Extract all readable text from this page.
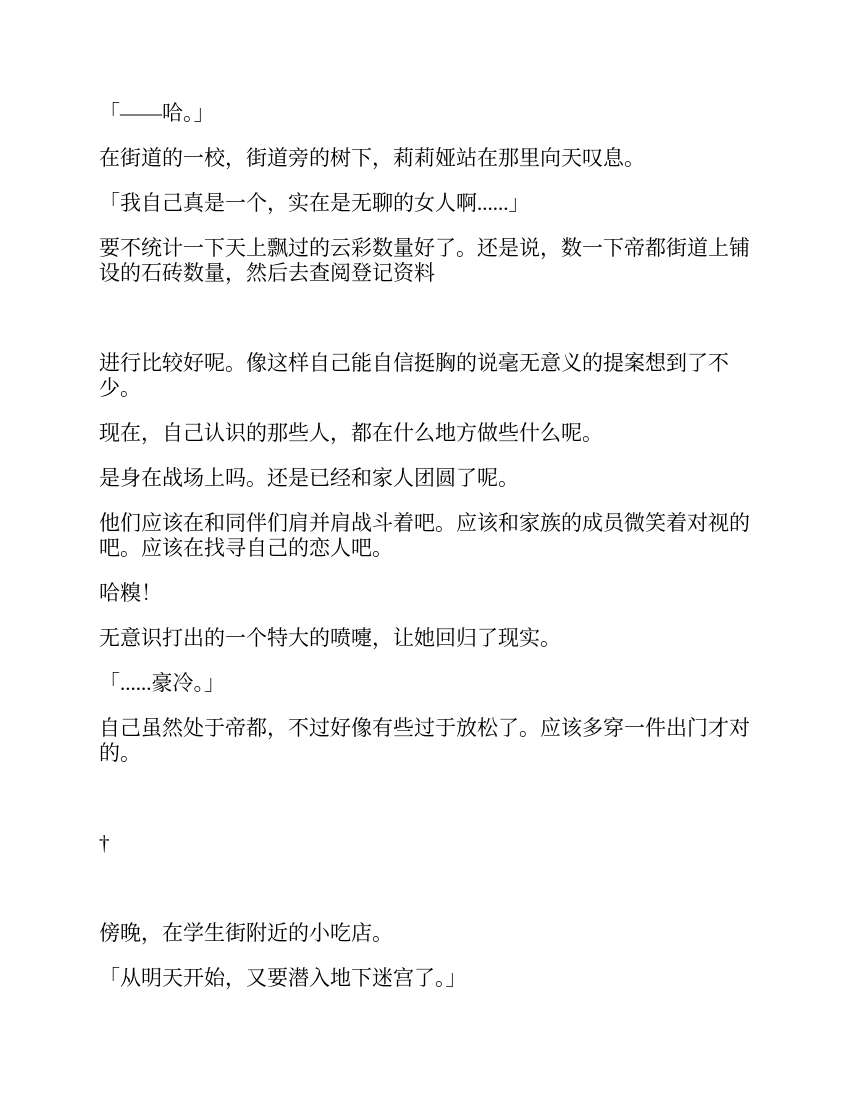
「——哈。」

在街道的一校，街道旁的树下，莉莉娅站在那里向天叹息。

「我自己真是一个，实在是无聊的女人啊......」

要不统计一下天上飘过的云彩数量好了。还是说，数一下帝都街道上铺设的石砖数量，然后去查阅登记资料

进行比较好呢。像这样自己能自信挺胸的说毫无意义的提案想到了不少。

现在，自己认识的那些人，都在什么地方做些什么呢。

是身在战场上吗。还是已经和家人团圆了呢。

他们应该在和同伴们肩并肩战斗着吧。应该和家族的成员微笑着对视的吧。应该在找寻自己的恋人吧。

哈糗！

无意识打出的一个特大的喷嚏，让她回归了现实。

「......豪冷。」

自己虽然处于帝都，不过好像有些过于放松了。应该多穿一件出门才对的。

†

傍晚，在学生街附近的小吃店。

「从明天开始，又要潜入地下迷宫了。」
